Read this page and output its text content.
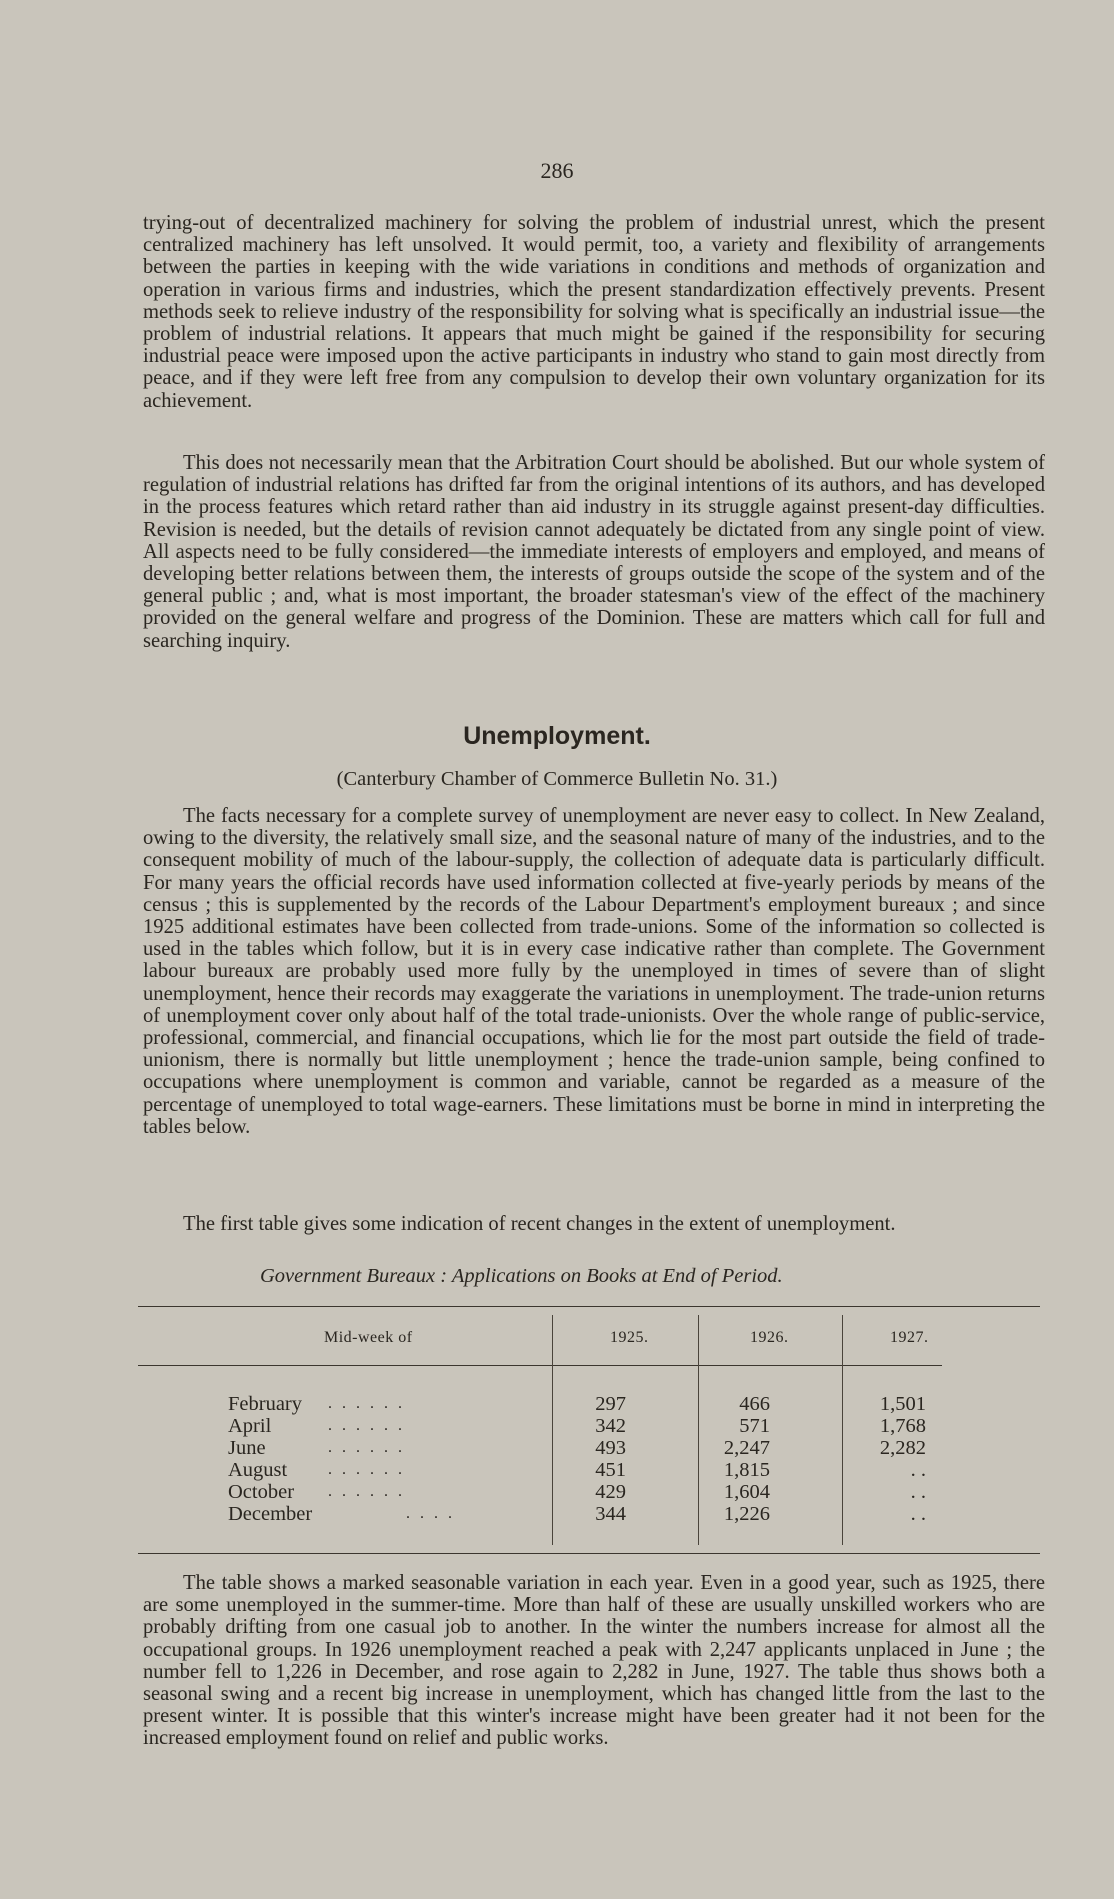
286

trying-out of decentralized machinery for solving the problem of industrial unrest, which the present centralized machinery has left unsolved. It would permit, too, a variety and flexibility of arrangements between the parties in keeping with the wide variations in conditions and methods of organization and operation in various firms and industries, which the present standardization effectively prevents. Present methods seek to relieve industry of the responsibility for solving what is specifically an industrial issue—the problem of industrial relations. It appears that much might be gained if the responsibility for securing industrial peace were imposed upon the active participants in industry who stand to gain most directly from peace, and if they were left free from any compulsion to develop their own voluntary organization for its achievement.

This does not necessarily mean that the Arbitration Court should be abolished. But our whole system of regulation of industrial relations has drifted far from the original intentions of its authors, and has developed in the process features which retard rather than aid industry in its struggle against present-day difficulties. Revision is needed, but the details of revision cannot adequately be dictated from any single point of view. All aspects need to be fully considered—the immediate interests of employers and employed, and means of developing better relations between them, the interests of groups outside the scope of the system and of the general public ; and, what is most important, the broader statesman's view of the effect of the machinery provided on the general welfare and progress of the Dominion. These are matters which call for full and searching inquiry.

Unemployment.
(Canterbury Chamber of Commerce Bulletin No. 31.)

The facts necessary for a complete survey of unemployment are never easy to collect. In New Zealand, owing to the diversity, the relatively small size, and the seasonal nature of many of the industries, and to the consequent mobility of much of the labour-supply, the collection of adequate data is particularly difficult. For many years the official records have used information collected at five-yearly periods by means of the census ; this is supplemented by the records of the Labour Department's employment bureaux ; and since 1925 additional estimates have been collected from trade-unions. Some of the information so collected is used in the tables which follow, but it is in every case indicative rather than complete. The Government labour bureaux are probably used more fully by the unemployed in times of severe than of slight unemployment, hence their records may exaggerate the variations in unemployment. The trade-union returns of unemployment cover only about half of the total trade-unionists. Over the whole range of public-service, professional, commercial, and financial occupations, which lie for the most part outside the field of trade-unionism, there is normally but little unemployment ; hence the trade-union sample, being confined to occupations where unemployment is common and variable, cannot be regarded as a measure of the percentage of unemployed to total wage-earners. These limitations must be borne in mind in interpreting the tables below.

The first table gives some indication of recent changes in the extent of unemployment.

Government Bureaux : Applications on Books at End of Period.
Mid-week of	1925.	1926.	1927.
February . . . . . .	297	466	1,501
April	. . . . . .	342	571	1,768
June	. . . . . .	493	2,247	2,282
August	. . . . . .	451	1,815	. .
October . . . . . .	429	1,604	. .
December	. . . .	344	1,226	. .

The table shows a marked seasonable variation in each year. Even in a good year, such as 1925, there are some unemployed in the summer-time. More than half of these are usually unskilled workers who are probably drifting from one casual job to another. In the winter the numbers increase for almost all the occupational groups. In 1926 unemployment reached a peak with 2,247 applicants unplaced in June ; the number fell to 1,226 in December, and rose again to 2,282 in June, 1927. The table thus shows both a seasonal swing and a recent big increase in unemployment, which has changed little from the last to the present winter. It is possible that this winter's increase might have been greater had it not been for the increased employment found on relief and public works.
